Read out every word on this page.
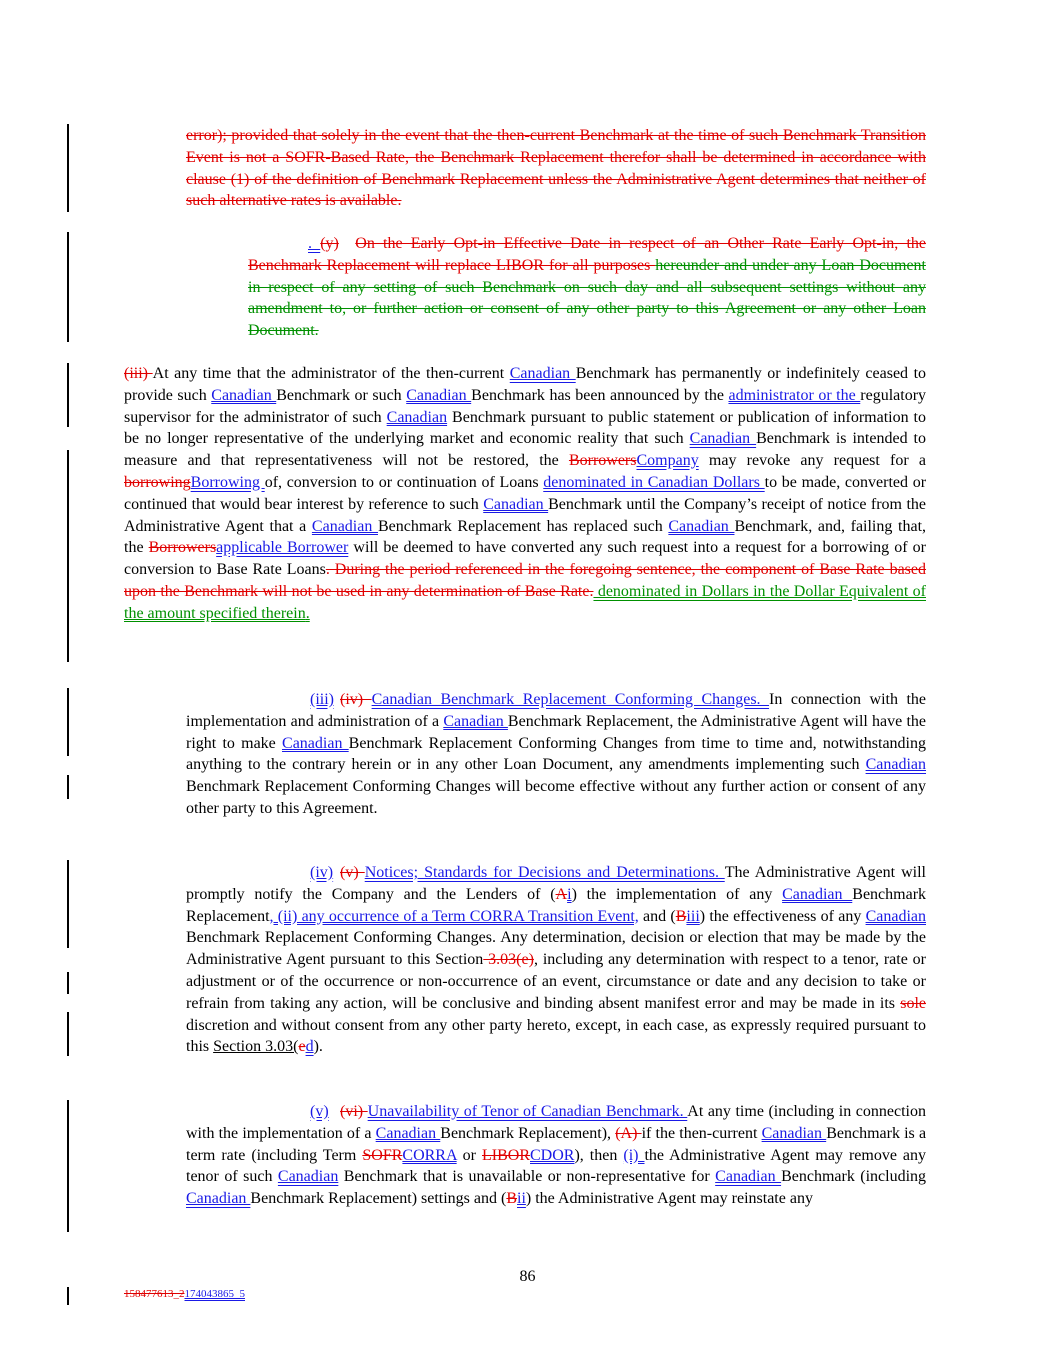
error); provided that solely in the event that the then-current Benchmark at the time of such Benchmark Transition Event is not a SOFR-Based Rate, the Benchmark Replacement therefor shall be determined in accordance with clause (1) of the definition of Benchmark Replacement unless the Administrative Agent determines that neither of such alternative rates is available.

. (y) On the Early Opt-in Effective Date in respect of an Other Rate Early Opt-in, the Benchmark Replacement will replace LIBOR for all purposes hereunder and under any Loan Document in respect of any setting of such Benchmark on such day and all subsequent settings without any amendment to, or further action or consent of any other party to this Agreement or any other Loan Document.

(iii) At any time that the administrator of the then-current Canadian Benchmark has permanently or indefinitely ceased to provide such Canadian Benchmark or such Canadian Benchmark has been announced by the administrator or the regulatory supervisor for the administrator of such Canadian Benchmark pursuant to public statement or publication of information to be no longer representative of the underlying market and economic reality that such Canadian Benchmark is intended to measure and that representativeness will not be restored, the BorrowersCompany may revoke any request for a borrowingBorrowing of, conversion to or continuation of Loans denominated in Canadian Dollars to be made, converted or continued that would bear interest by reference to such Canadian Benchmark until the Company’s receipt of notice from the Administrative Agent that a Canadian Benchmark Replacement has replaced such Canadian Benchmark, and, failing that, the Borrowersapplicable Borrower will be deemed to have converted any such request into a request for a borrowing of or conversion to Base Rate Loans. During the period referenced in the foregoing sentence, the component of Base Rate based upon the Benchmark will not be used in any determination of Base Rate. denominated in Dollars in the Dollar Equivalent of the amount specified therein.

(iii) (iv) Canadian Benchmark Replacement Conforming Changes. In connection with the implementation and administration of a Canadian Benchmark Replacement, the Administrative Agent will have the right to make Canadian Benchmark Replacement Conforming Changes from time to time and, notwithstanding anything to the contrary herein or in any other Loan Document, any amendments implementing such Canadian Benchmark Replacement Conforming Changes will become effective without any further action or consent of any other party to this Agreement.

(iv) (v) Notices; Standards for Decisions and Determinations. The Administrative Agent will promptly notify the Company and the Lenders of (Ai) the implementation of any Canadian Benchmark Replacement, (ii) any occurrence of a Term CORRA Transition Event, and (Biii) the effectiveness of any Canadian Benchmark Replacement Conforming Changes. Any determination, decision or election that may be made by the Administrative Agent pursuant to this Section 3.03(e), including any determination with respect to a tenor, rate or adjustment or of the occurrence or non-occurrence of an event, circumstance or date and any decision to take or refrain from taking any action, will be conclusive and binding absent manifest error and may be made in its sole discretion and without consent from any other party hereto, except, in each case, as expressly required pursuant to this Section 3.03(ed).

(v) (vi) Unavailability of Tenor of Canadian Benchmark. At any time (including in connection with the implementation of a Canadian Benchmark Replacement), (A) if the then-current Canadian Benchmark is a term rate (including Term SOFRCORRA or LIBORCDOR), then (i) the Administrative Agent may remove any tenor of such Canadian Benchmark that is unavailable or non-representative for Canadian Benchmark (including Canadian Benchmark Replacement) settings and (Bii) the Administrative Agent may reinstate any

86
158477613_2174043865_5
